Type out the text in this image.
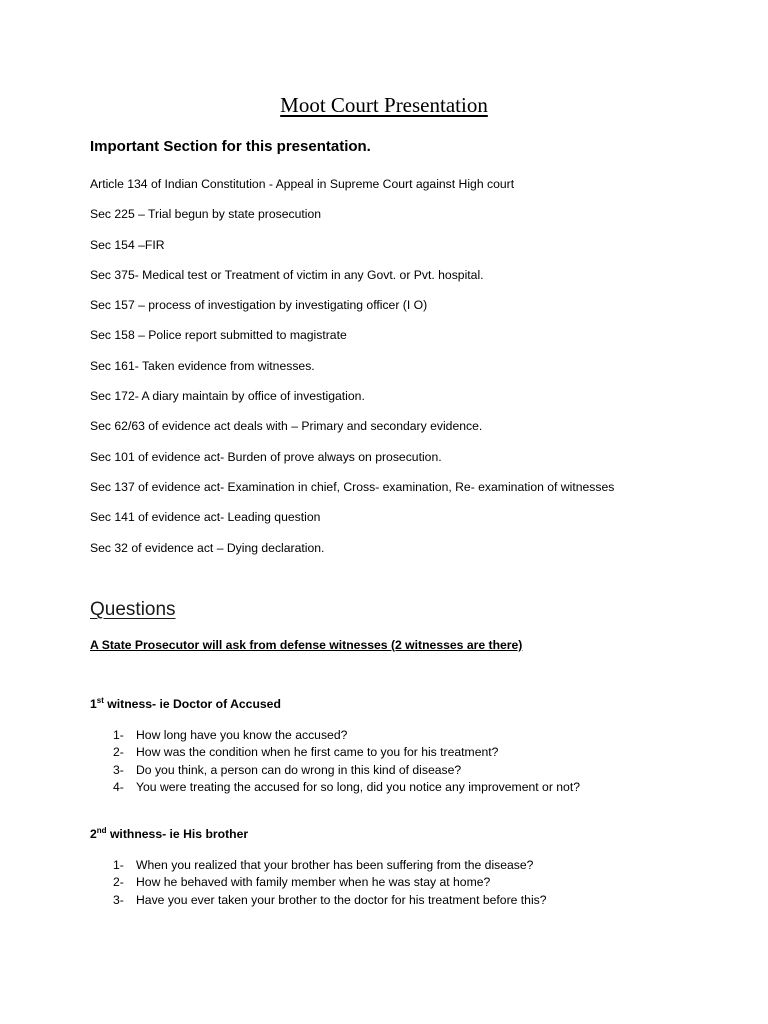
Moot Court Presentation
Important Section for this presentation.
Article 134 of Indian Constitution - Appeal in Supreme Court against High court
Sec 225 – Trial begun by state prosecution
Sec 154 –FIR
Sec 375- Medical test or Treatment of victim in any Govt. or Pvt. hospital.
Sec 157 – process of investigation by investigating officer (I O)
Sec 158 – Police report submitted to magistrate
Sec 161- Taken evidence from witnesses.
Sec 172- A diary maintain by office of investigation.
Sec 62/63 of evidence act deals with – Primary and secondary evidence.
Sec 101 of evidence act- Burden of prove always on prosecution.
Sec 137 of evidence act- Examination in chief, Cross- examination, Re- examination of witnesses
Sec 141 of evidence act- Leading question
Sec 32 of evidence act – Dying declaration.
Questions

A State Prosecutor will ask from defense witnesses (2 witnesses are there)

1st witness- ie Doctor of Accused

1- How long have you know the accused?
2- How was the condition when he first came to you for his treatment?
3- Do you think, a person can do wrong in this kind of disease?
4- You were treating the accused for so long, did you notice any improvement or not?

2nd withness- ie His brother

1- When you realized that your brother has been suffering from the disease?
2- How he behaved with family member when he was stay at home?
3- Have you ever taken your brother to the doctor for his treatment before this?
